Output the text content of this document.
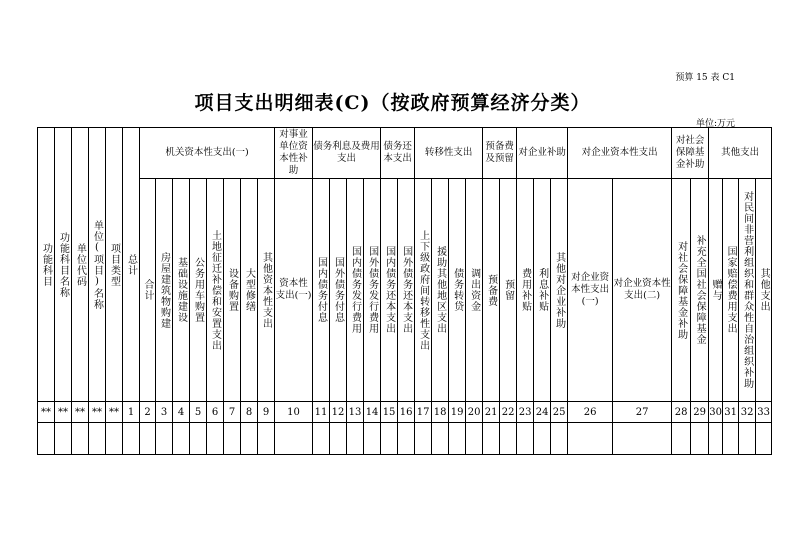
预算 15 表 C1
项目支出明细表(C)（按政府预算经济分类）
单位:万元
功能科目	功能科目名称	单位代码	单位(项目)名称	项目类型	总计	机关资本性支出(一)								对事业单位资本性补助	债务利息及费用支出				债务还本支出		转移性支出				预备费及预留		对企业补助			对企业资本性支出		对社会保障基金补助		其他支出			
						合计	房屋建筑物购建	基础设施建设	公务用车购置	土地征迁补偿和安置支出	设备购置	大型修缮	其他资本性支出	资本性支出(一)	国内债务付息	国外债务付息	国内债务发行费用	国外债务发行费用	国内债务还本支出	国外债务还本支出	上下级政府间转移性支出	援助其他地区支出	债务转贷	调出资金	预备费	预留	费用补贴	利息补贴	其他对企业补助	对企业资本性支出(一)	对企业资本性支出(二)	对社会保障基金补助	补充全国社会保障基金	赠与	国家赔偿费用支出	对民间非营利组织和群众性自治组织补助	其他支出
**	**	**	**	**	1	2	3	4	5	6	7	8	9	10	11	12	13	14	15	16	17	18	19	20	21	22	23	24	25	26	27	28	29	30	31	32	33
